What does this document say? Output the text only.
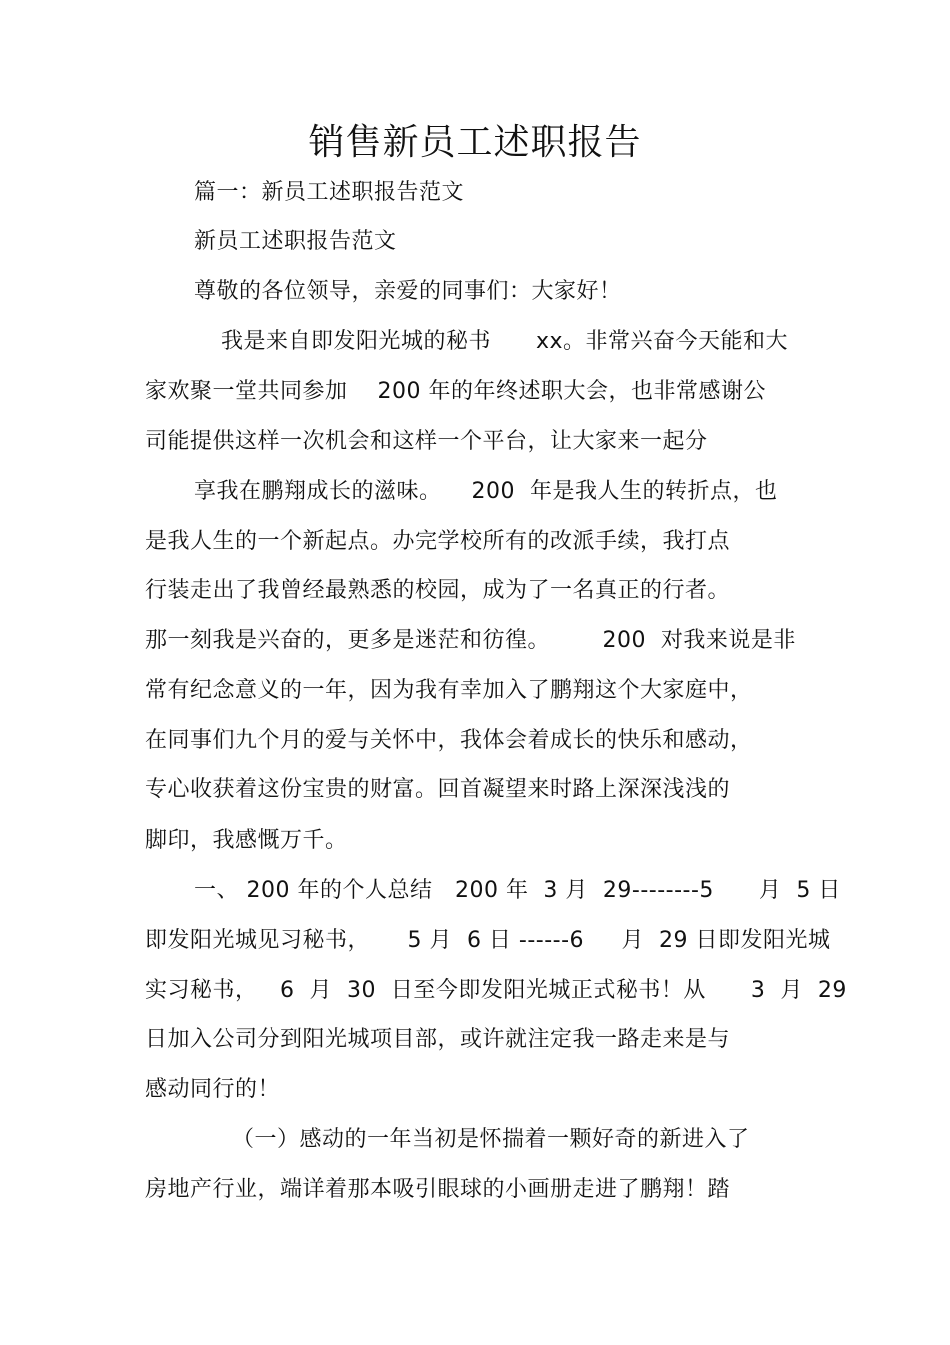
销售新员工述职报告
篇一：新员工述职报告范文
新员工述职报告范文
尊敬的各位领导，亲爱的同事们：大家好！
我是来自即发阳光城的秘书      xx。非常兴奋今天能和大
家欢聚一堂共同参加    200 年的年终述职大会，也非常感谢公
司能提供这样一次机会和这样一个平台，让大家来一起分
享我在鹏翔成长的滋味。    200  年是我人生的转折点，也
是我人生的一个新起点。办完学校所有的改派手续，我打点
行装走出了我曾经最熟悉的校园，成为了一名真正的行者。
那一刻我是兴奋的，更多是迷茫和彷徨。       200  对我来说是非
常有纪念意义的一年，因为我有幸加入了鹏翔这个大家庭中，
在同事们九个月的爱与关怀中，我体会着成长的快乐和感动，
专心收获着这份宝贵的财富。回首凝望来时路上深深浅浅的
脚印，我感慨万千。
一、 200 年的个人总结   200 年  3 月  29--------5      月  5 日
即发阳光城见习秘书，     5 月  6 日 ------6     月  29 日即发阳光城
实习秘书，   6  月  30  日至今即发阳光城正式秘书！从      3  月  29
日加入公司分到阳光城项目部，或许就注定我一路走来是与
感动同行的！
（一）感动的一年当初是怀揣着一颗好奇的新进入了
房地产行业，端详着那本吸引眼球的小画册走进了鹏翔！踏
